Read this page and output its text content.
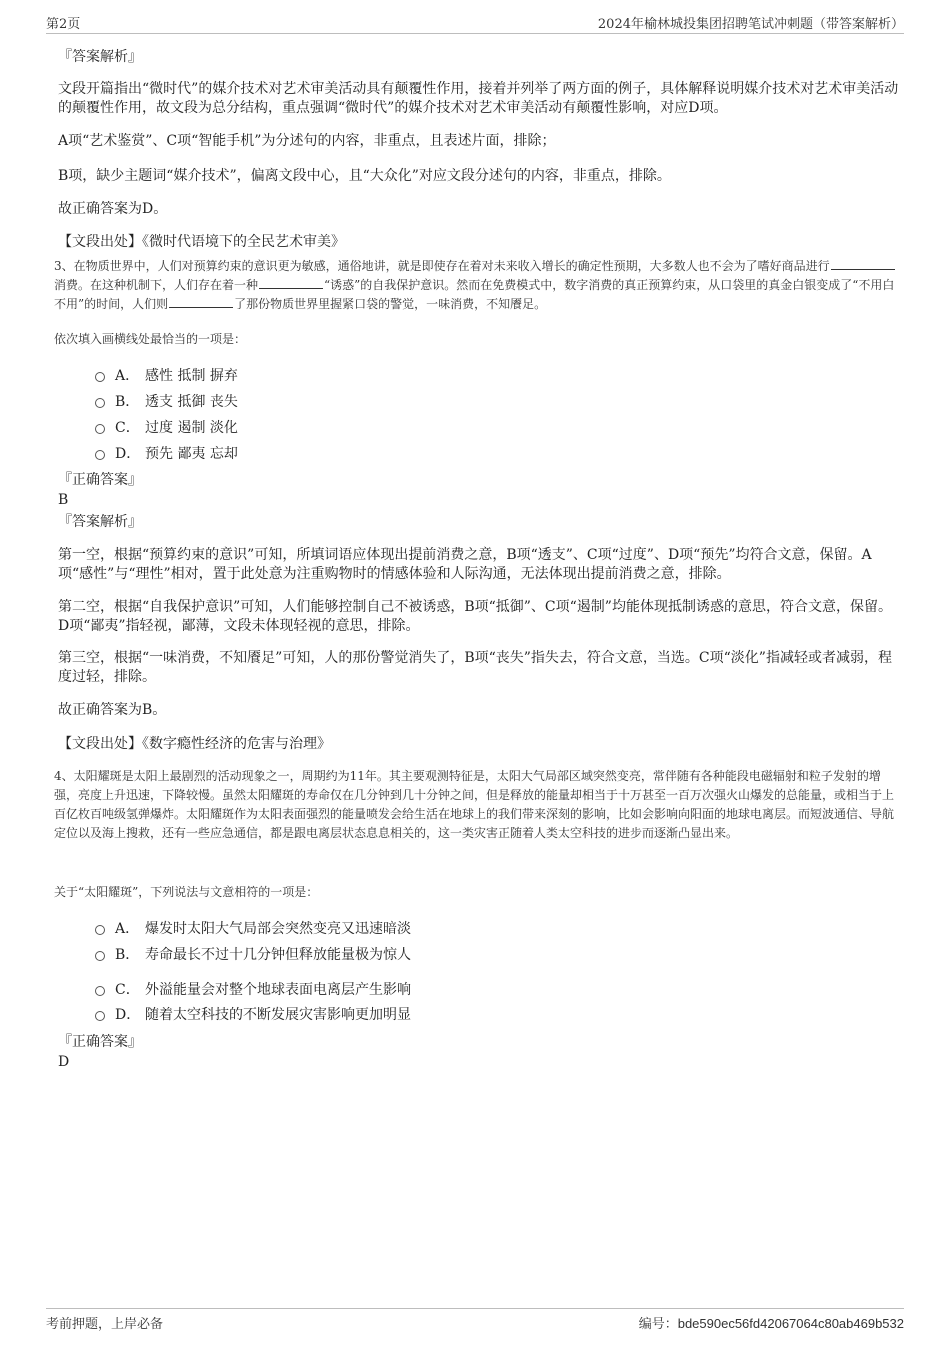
第2页	2024年榆林城投集团招聘笔试冲刺题（带答案解析）
『答案解析』
文段开篇指出“微时代”的媒介技术对艺术审美活动具有颠覆性作用，接着并列举了两方面的例子，具体解释说明媒介技术对艺术审美活动的颠覆性作用，故文段为总分结构，重点强调“微时代”的媒介技术对艺术审美活动有颠覆性影响，对应D项。
A项“艺术鉴赏”、C项“智能手机”为分述句的内容，非重点，且表述片面，排除；
B项，缺少主题词“媒介技术”，偏离文段中心，且“大众化”对应文段分述句的内容，非重点，排除。
故正确答案为D。
【文段出处】《微时代语境下的全民艺术审美》
3、在物质世界中，人们对预算约束的意识更为敏感，通俗地讲，就是即使存在着对未来收入增长的确定性预期，大多数人也不会为了嗜好商品进行消费。在这种机制下，人们存在着一种	“诱惑”的自我保护意识。然而在免费模式中，数字消费的真正预算约束，从口袋里的真金白银变成了“不用白不用”的时间，人们则	了那份物质世界里握紧口袋的警觉，一味消费，不知餍足。
依次填入画横线处最恰当的一项是：
A． 感性 抵制 摒弃
B． 透支 抵御 丧失
C． 过度 遏制 淡化
D． 预先 鄙夷 忘却
『正确答案』
B
『答案解析』
第一空，根据“预算约束的意识”可知，所填词语应体现出提前消费之意，B项“透支”、C项“过度”、D项“预先”均符合文意，保留。A项“感性”与“理性”相对，置于此处意为注重购物时的情感体验和人际沟通，无法体现出提前消费之意，排除。
第二空，根据“自我保护意识”可知，人们能够控制自己不被诱惑，B项“抵御”、C项“遏制”均能体现抵制诱惑的意思，符合文意，保留。D项“鄙夷”指轻视，鄙薄，文段未体现轻视的意思，排除。
第三空，根据“一味消费，不知餍足”可知，人的那份警觉消失了，B项“丧失”指失去，符合文意，当选。C项“淡化”指减轻或者减弱，程度过轻，排除。
故正确答案为B。
【文段出处】《数字瘾性经济的危害与治理》
4、太阳耀斑是太阳上最剧烈的活动现象之一，周期约为11年。其主要观测特征是，太阳大气局部区域突然变亮，常伴随有各种能段电磁辐射和粒子发射的增强，亮度上升迅速，下降较慢。虽然太阳耀斑的寿命仅在几分钟到几十分钟之间，但是释放的能量却相当于十万甚至一百万次强火山爆发的总能量，或相当于上百亿枚百吨级氢弹爆炸。太阳耀斑作为太阳表面强烈的能量喷发会给生活在地球上的我们带来深刻的影响，比如会影响向阳面的地球电离层。而短波通信、导航定位以及海上搜救，还有一些应急通信，都是跟电离层状态息息相关的，这一类灾害正随着人类太空科技的进步而逐渐凸显出来。
关于“太阳耀斑”，下列说法与文意相符的一项是：
A． 爆发时太阳大气局部会突然变亮又迅速暗淡
B． 寿命最长不过十几分钟但释放能量极为惊人
C． 外溢能量会对整个地球表面电离层产生影响
D． 随着太空科技的不断发展灾害影响更加明显
『正确答案』
D
考前押题，上岸必备	编号：bde590ec56fd42067064c80ab469b532
